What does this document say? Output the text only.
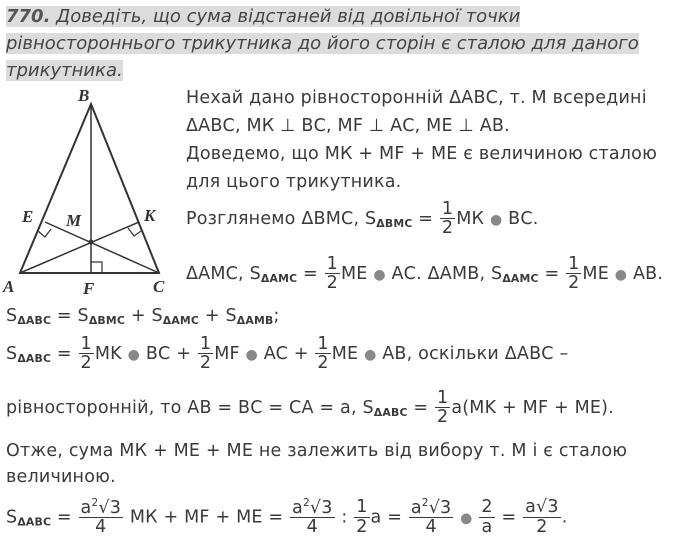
770. Доведіть, що сума відстаней від довільної точки
рівностороннього трикутника до його сторін є сталою для даного
трикутника.
B
A	C
E M	K
F
Нехай дано рівносторонній ΔАВС, т. М всередині
ΔАВС, МК ⊥ ВС, MF ⊥ АС, МЕ ⊥ АВ.
Доведемо, що МК + MF + МЕ є величиною сталою
для цього трикутника.
Розглянемо ΔВМС, $S_{\Delta BMC} = \frac{1}{2}$ МК ● ВС.
ΔАМС, $S_{\Delta AMC} = \frac{1}{2}$ МЕ ● АС. ΔАМВ, $S_{\Delta AMC} = \frac{1}{2}$ МЕ ● АВ.
$S_{\Delta ABC} = S_{\Delta BMC} + S_{\Delta AMC} + S_{\Delta AMB}$;
$S_{\Delta ABC} = \frac{1}{2}$ MK ● ВС + $\frac{1}{2}$ MF ● AC + $\frac{1}{2}$ ME ● АВ, оскільки ΔАВС –
рівносторонній, то АВ = ВС = СА = а, $S_{\Delta ABC} = \frac{1}{2} a(MK$ + MF + ME).
Отже, сума МК + МЕ + ME не залежить від вибору т. М і є сталою
величиною.
$S_{\Delta ABC} = \frac{a^2√3}{4}$ МК + MF + ME = $\frac{a^2√3}{4}$ : $\frac{1}{2}$ $a = \frac{a^2√3}{4}$ ● $\frac{2}{a} = \frac{a√3}{2}$ .
